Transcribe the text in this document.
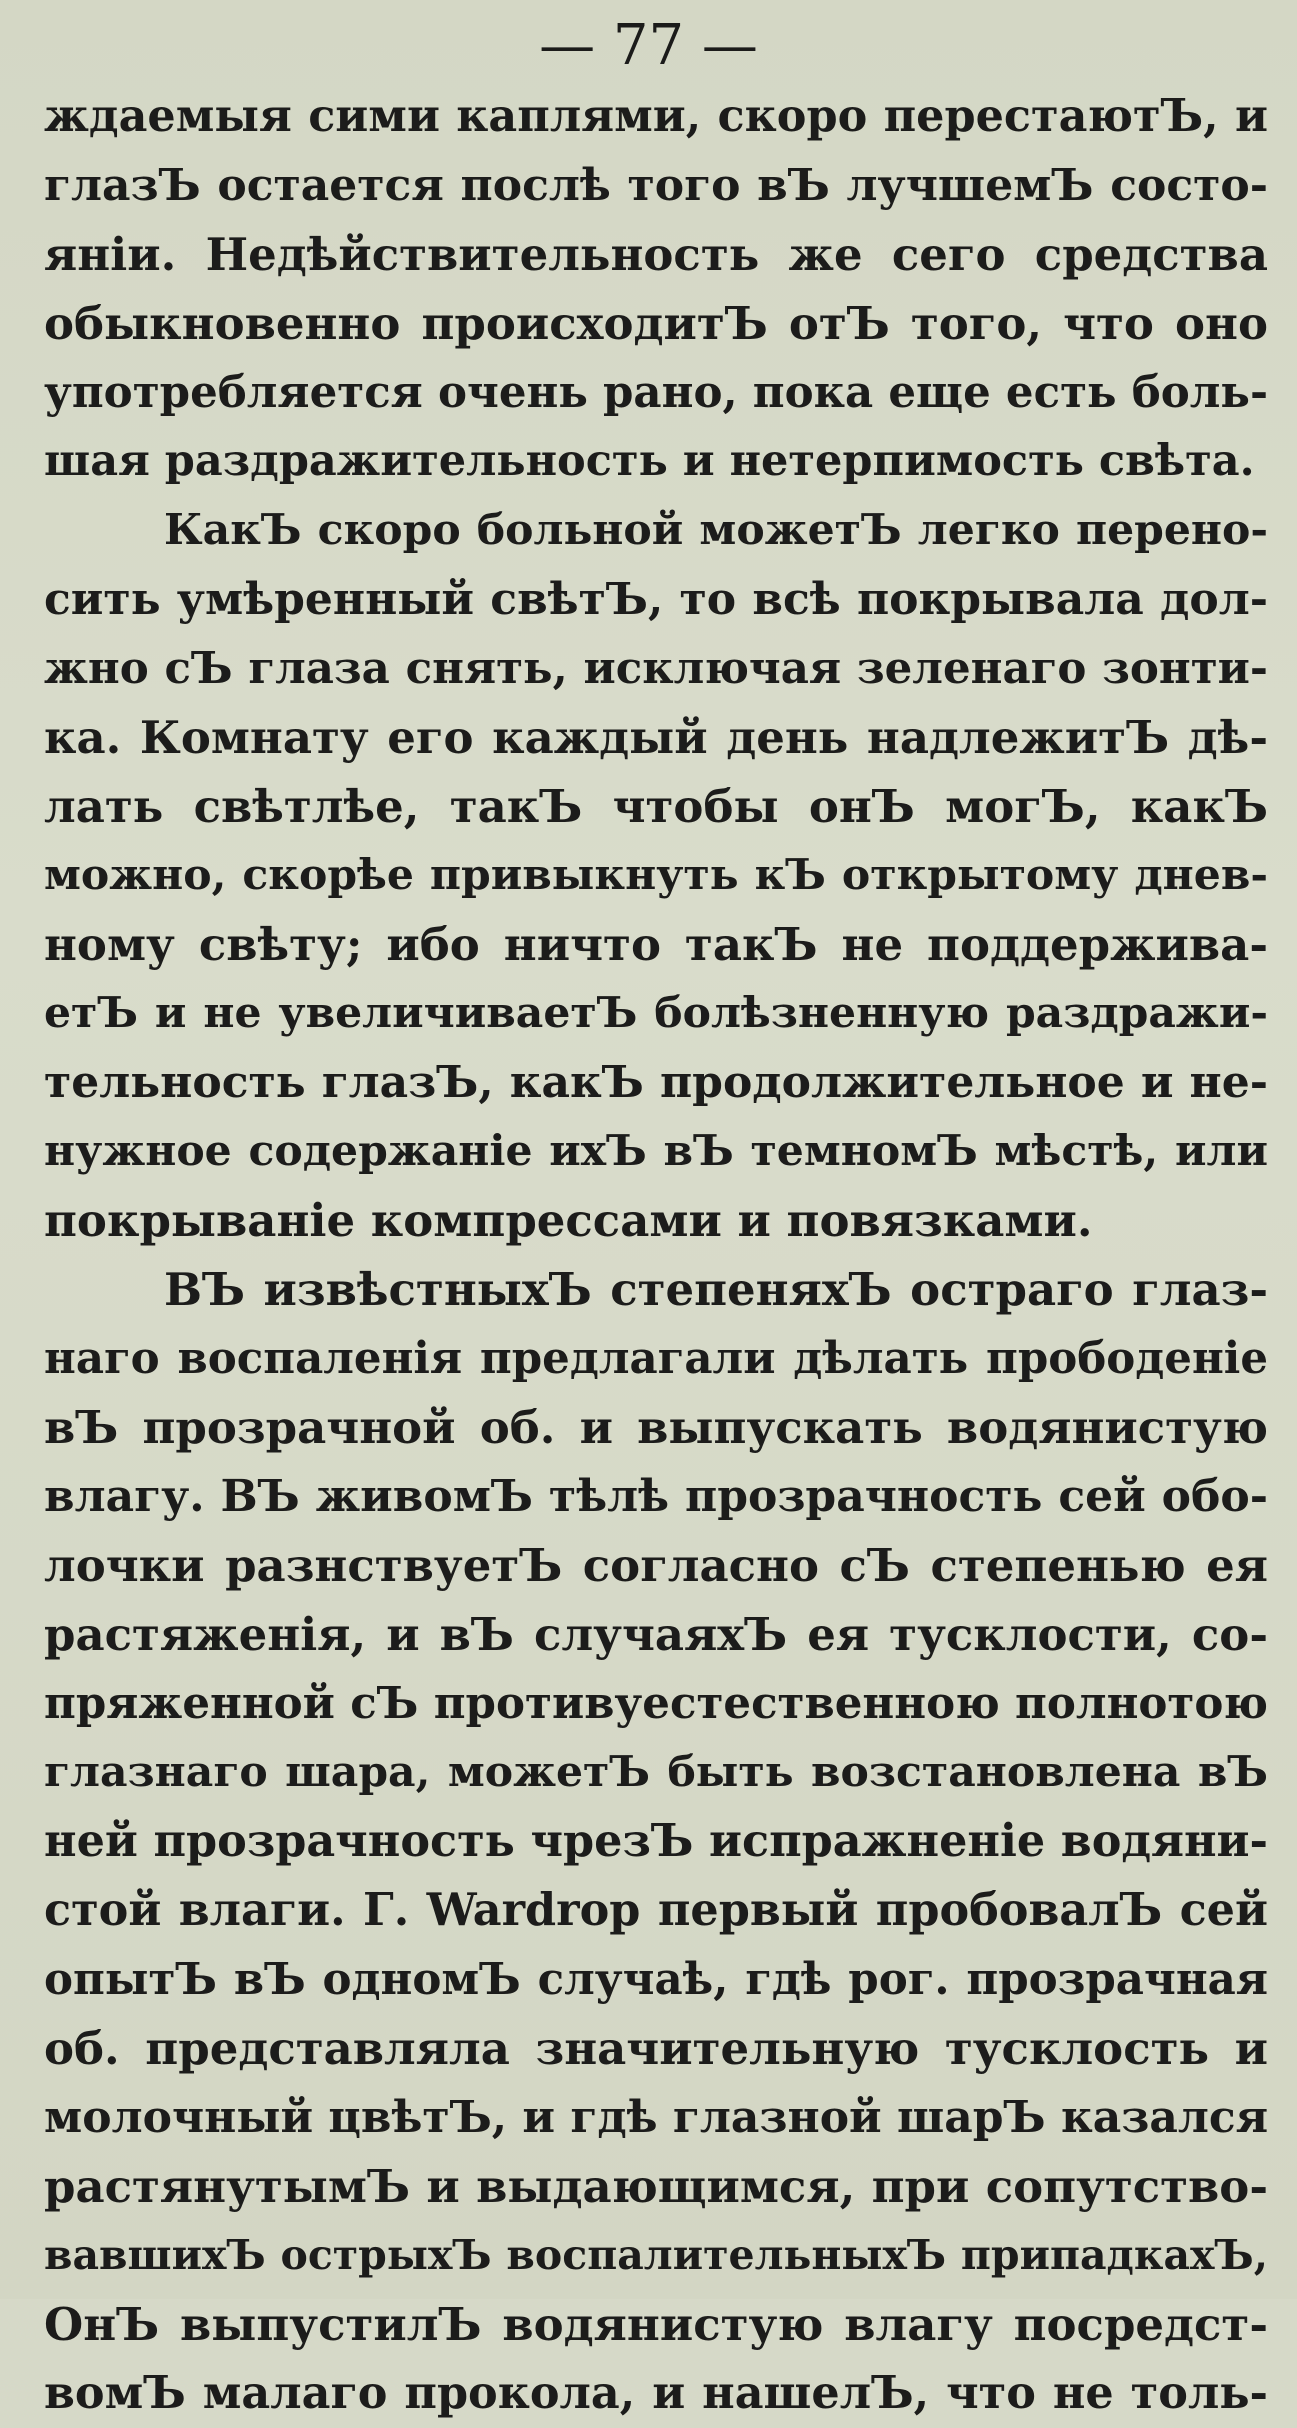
— 77 —
ждаемыя сими каплями, скоро перестаютЪ, и
глазЪ остается послѣ того вЪ лучшемЪ состо-
яніи. Недѣйствительность же сего средства
обыкновенно происходитЪ отЪ того, что оно
употребляется очень рано, пока еще есть боль-
шая раздражительность и нетерпимость свѣта.
КакЪ скоро больной можетЪ легко перено-
сить умѣренный свѣтЪ, то всѣ покрывала дол-
жно сЪ глаза снять, исключая зеленаго зонти-
ка. Комнату его каждый день надлежитЪ дѣ-
лать свѣтлѣе, такЪ чтобы онЪ могЪ, какЪ
можно, скорѣе привыкнуть кЪ открытому днев-
ному свѣту; ибо ничто такЪ не поддержива-
етЪ и не увеличиваетЪ болѣзненную раздражи-
тельность глазЪ, какЪ продолжительное и не-
нужное содержаніе ихЪ вЪ темномЪ мѣстѣ, или
покрываніе компрессами и повязками.
ВЪ извѣстныхЪ степеняхЪ остраго глаз-
наго воспаленія предлагали дѣлать прободеніе
вЪ прозрачной об. и выпускать водянистую
влагу. ВЪ живомЪ тѣлѣ прозрачность сей обо-
лочки разнствуетЪ согласно сЪ степенью ея
растяженія, и вЪ случаяхЪ ея тусклости, со-
пряженной сЪ противуестественною полнотою
глазнаго шара, можетЪ быть возстановлена вЪ
ней прозрачность чрезЪ испражненіе водяни-
стой влаги. Г. Wardrop первый пробовалЪ сей
опытЪ вЪ одномЪ случаѣ, гдѣ рог. прозрачная
об. представляла значительную тусклость и
молочный цвѣтЪ, и гдѣ глазной шарЪ казался
растянутымЪ и выдающимся, при сопутство-
вавшихЪ острыхЪ воспалительныхЪ припадкахЪ,
ОнЪ выпустилЪ водянистую влагу посредст-
вомЪ малаго прокола, и нашелЪ, что не толь-
